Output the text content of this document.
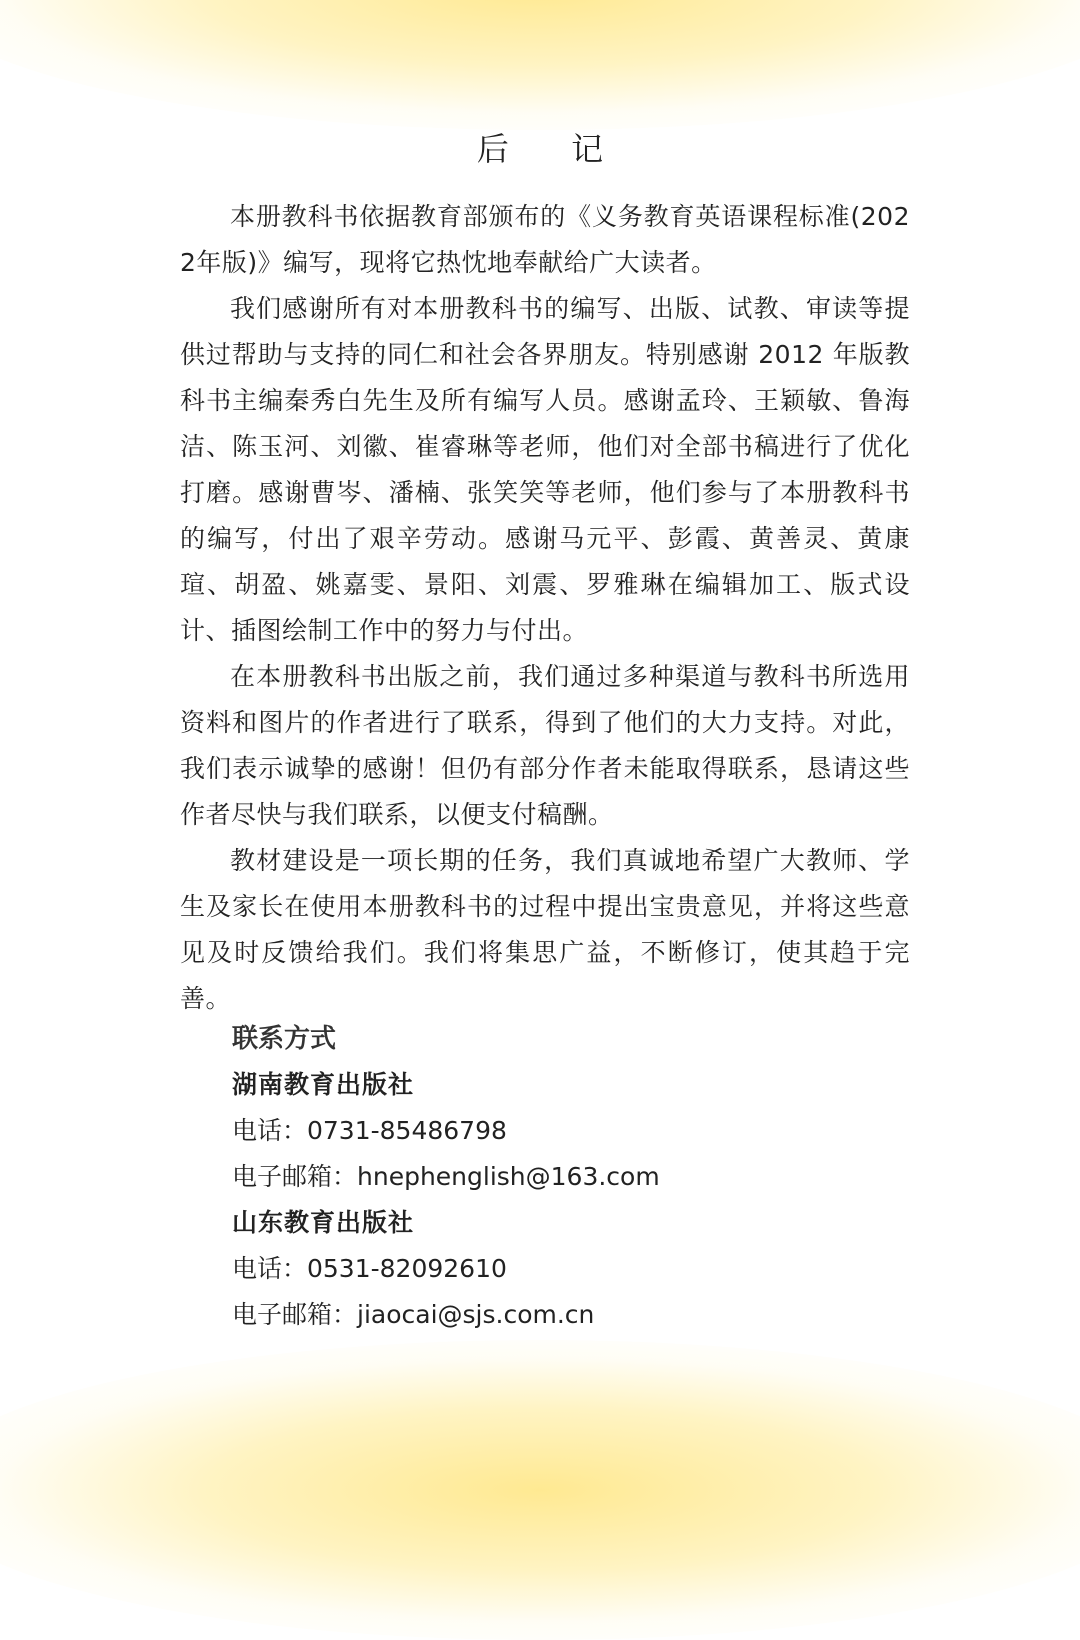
后 记

本册教科书依据教育部颁布的《义务教育英语课程标准(2022年版)》编写，现将它热忱地奉献给广大读者。

我们感谢所有对本册教科书的编写、出版、试教、审读等提供过帮助与支持的同仁和社会各界朋友。特别感谢 2012 年版教科书主编秦秀白先生及所有编写人员。感谢孟玲、王颖敏、鲁海洁、陈玉河、刘徽、崔睿琳等老师，他们对全部书稿进行了优化打磨。感谢曹岑、潘楠、张笑笑等老师，他们参与了本册教科书的编写，付出了艰辛劳动。感谢马元平、彭霞、黄善灵、黄康瑄、胡盈、姚嘉雯、景阳、刘震、罗雅琳在编辑加工、版式设计、插图绘制工作中的努力与付出。

在本册教科书出版之前，我们通过多种渠道与教科书所选用资料和图片的作者进行了联系，得到了他们的大力支持。对此，我们表示诚挚的感谢！但仍有部分作者未能取得联系，恳请这些作者尽快与我们联系，以便支付稿酬。

教材建设是一项长期的任务，我们真诚地希望广大教师、学生及家长在使用本册教科书的过程中提出宝贵意见，并将这些意见及时反馈给我们。我们将集思广益，不断修订，使其趋于完善。

联系方式
湖南教育出版社
电话：0731-85486798
电子邮箱：hnephenglish@163.com
山东教育出版社
电话：0531-82092610
电子邮箱：jiaocai@sjs.com.cn
